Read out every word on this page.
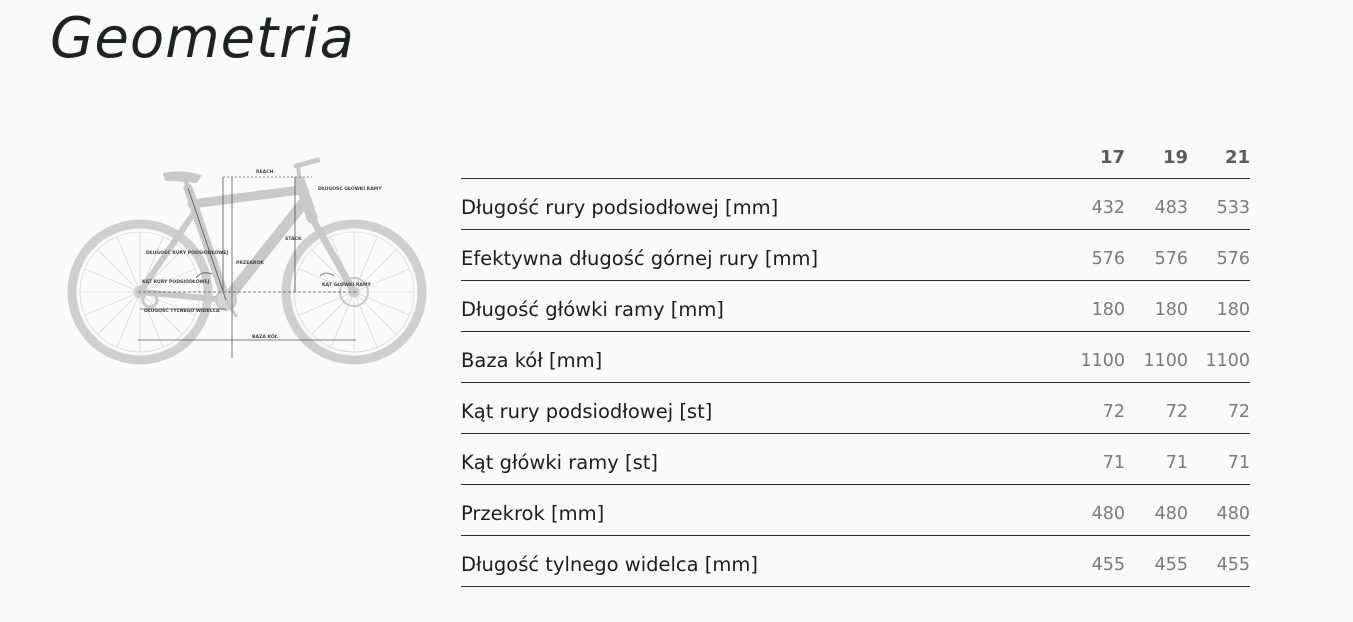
Geometria
REACH
DŁUGOŚĆ GŁÓWKI RAMY
DŁUGOŚĆ RURY PODSIODŁOWEJ
STACK
PRZEKROK
KĄT RURY PODSIODŁOWEJ
KĄT GŁÓWKI RAMY
DŁUGOŚĆ TYLNEGO WIDELCA
BAZA KÓŁ
17	19	21
Długość rury podsiodłowej [mm]	432	483	533
Efektywna długość górnej rury [mm]	576	576	576
Długość główki ramy [mm]	180	180	180
Baza kół [mm]	1100	1100 1100
Kąt rury podsiodłowej [st]	72	72	72
Kąt główki ramy [st]	71	71	71
Przekrok [mm]	480	480	480
Długość tylnego widelca [mm]	455	455	455
